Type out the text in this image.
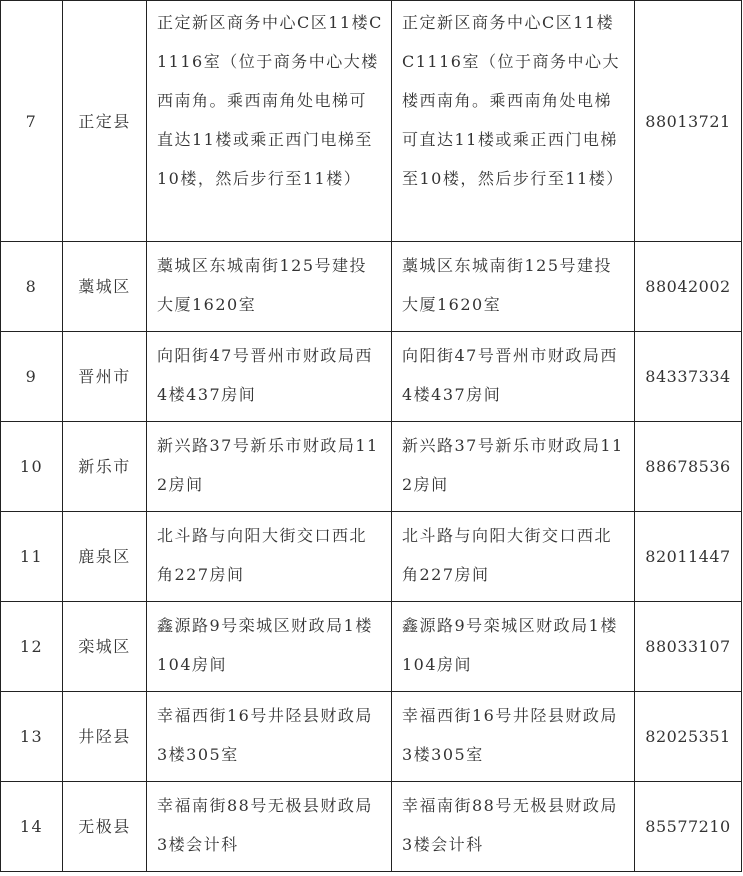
7	正定县	正定新区商务中心C区11楼C1116室（位于商务中心大楼西南角。乘西南角处电梯可直达11楼或乘正西门电梯至10楼，然后步行至11楼）	正定新区商务中心C区11楼C1116室（位于商务中心大楼西南角。乘西南角处电梯可直达11楼或乘正西门电梯至10楼，然后步行至11楼）	88013721
8	藁城区	藁城区东城南街125号建投大厦1620室	藁城区东城南街125号建投大厦1620室	88042002
9	晋州市	向阳街47号晋州市财政局西4楼437房间	向阳街47号晋州市财政局西4楼437房间	84337334
10	新乐市	新兴路37号新乐市财政局112房间	新兴路37号新乐市财政局112房间	88678536
11	鹿泉区	北斗路与向阳大街交口西北角227房间	北斗路与向阳大街交口西北角227房间	82011447
12	栾城区	鑫源路9号栾城区财政局1楼104房间	鑫源路9号栾城区财政局1楼104房间	88033107
13	井陉县	幸福西街16号井陉县财政局3楼305室	幸福西街16号井陉县财政局3楼305室	82025351
14	无极县	幸福南街88号无极县财政局3楼会计科	幸福南街88号无极县财政局3楼会计科	85577210
